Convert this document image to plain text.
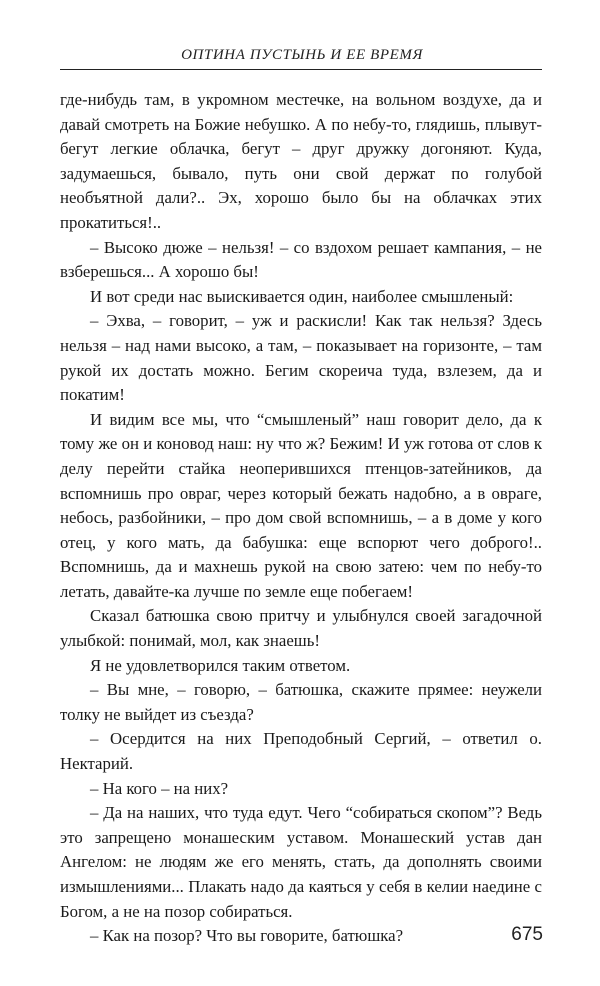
ОПТИНА ПУСТЫНЬ И ЕЕ ВРЕМЯ

где-нибудь там, в укромном местечке, на вольном воздухе, да и давай смотреть на Божие небушко. А по небу-то, глядишь, плывут-бегут легкие облачка, бегут – друг дружку догоняют. Куда, задумаешься, бывало, путь они свой держат по голубой необъятной дали?.. Эх, хорошо было бы на облачках этих прокатиться!..

– Высоко дюже – нельзя! – со вздохом решает кампания, – не взберешься... А хорошо бы!

И вот среди нас выискивается один, наиболее смышленый:

– Эхва, – говорит, – уж и раскисли! Как так нельзя? Здесь нельзя – над нами высоко, а там, – показывает на горизонте, – там рукой их достать можно. Бегим скореича туда, взлезем, да и покатим!

И видим все мы, что “смышленый” наш говорит дело, да к тому же он и коновод наш: ну что ж? Бежим! И уж готова от слов к делу перейти стайка неоперившихся птенцов-затейников, да вспомнишь про овраг, через который бежать надобно, а в овраге, небось, разбойники, – про дом свой вспомнишь, – а в доме у кого отец, у кого мать, да бабушка: еще вспорют чего доброго!.. Вспомнишь, да и махнешь рукой на свою затею: чем по небу-то летать, давайте-ка лучше по земле еще побегаем!

Сказал батюшка свою притчу и улыбнулся своей загадочной улыбкой: понимай, мол, как знаешь!

Я не удовлетворился таким ответом.

– Вы мне, – говорю, – батюшка, скажите прямее: неужели толку не выйдет из съезда?

– Осердится на них Преподобный Сергий, – ответил о. Нектарий.

– На кого – на них?

– Да на наших, что туда едут. Чего “собираться скопом”? Ведь это запрещено монашеским уставом. Монашеский устав дан Ангелом: не людям же его менять, стать, да дополнять своими измышлениями... Плакать надо да каяться у себя в келии наедине с Богом, а не на позор собираться.

– Как на позор? Что вы говорите, батюшка?	675
